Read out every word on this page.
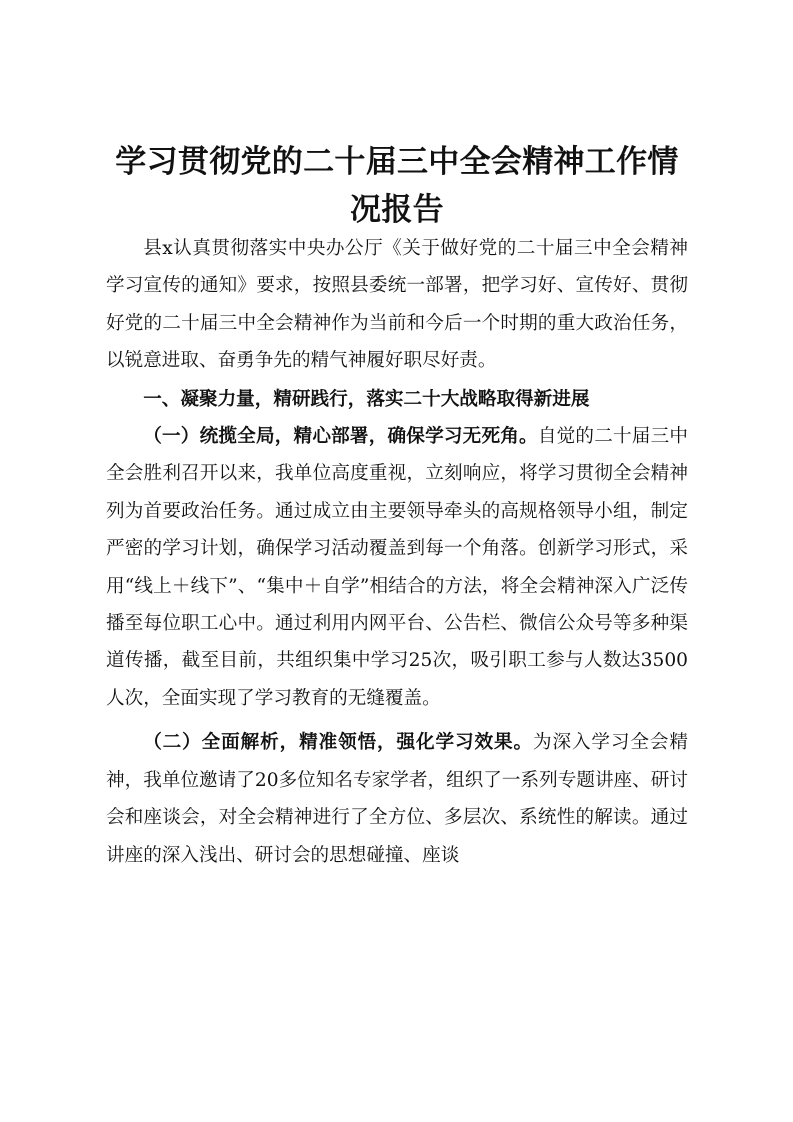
学习贯彻党的二十届三中全会精神工作情况报告

县x认真贯彻落实中央办公厅《关于做好党的二十届三中全会精神学习宣传的通知》要求，按照县委统一部署，把学习好、宣传好、贯彻好党的二十届三中全会精神作为当前和今后一个时期的重大政治任务，以锐意进取、奋勇争先的精气神履好职尽好责。

一、凝聚力量，精研践行，落实二十大战略取得新进展

（一）统揽全局，精心部署，确保学习无死角。自觉的二十届三中全会胜利召开以来，我单位高度重视，立刻响应，将学习贯彻全会精神列为首要政治任务。通过成立由主要领导牵头的高规格领导小组，制定严密的学习计划，确保学习活动覆盖到每一个角落。创新学习形式，采用“线上＋线下”、“集中＋自学”相结合的方法，将全会精神深入广泛传播至每位职工心中。通过利用内网平台、公告栏、微信公众号等多种渠道传播，截至目前，共组织集中学习25次，吸引职工参与人数达3500人次，全面实现了学习教育的无缝覆盖。

（二）全面解析，精准领悟，强化学习效果。为深入学习全会精神，我单位邀请了20多位知名专家学者，组织了一系列专题讲座、研讨会和座谈会，对全会精神进行了全方位、多层次、系统性的解读。通过讲座的深入浅出、研讨会的思想碰撞、座谈
